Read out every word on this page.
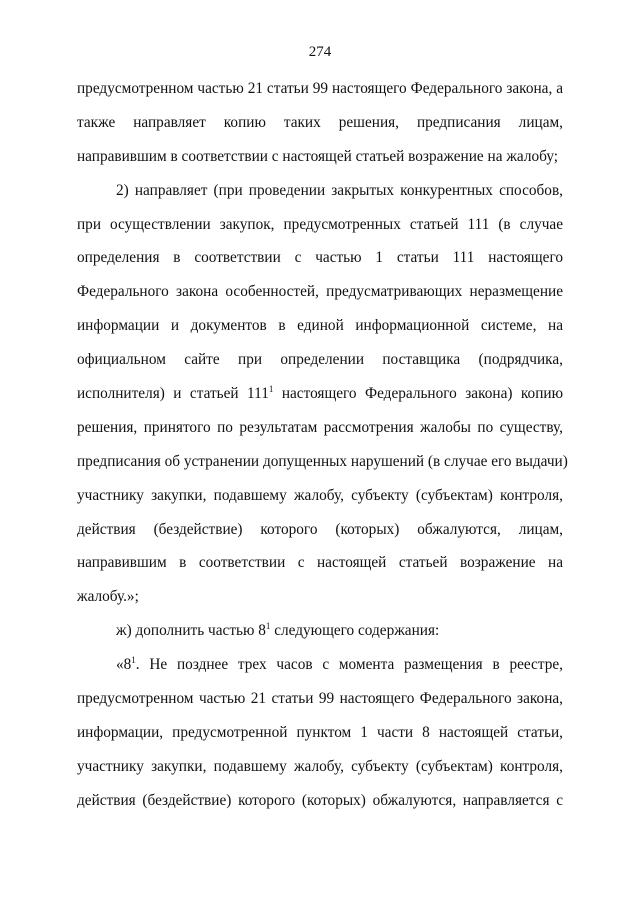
274
предусмотренном частью 21 статьи 99 настоящего Федерального закона, а
также направляет копию таких решения, предписания лицам,
направившим в соответствии с настоящей статьей возражение на жалобу;
2) направляет (при проведении закрытых конкурентных способов,
при осуществлении закупок, предусмотренных статьей 111 (в случае
определения в соответствии с частью 1 статьи 111 настоящего
Федерального закона особенностей, предусматривающих неразмещение
информации и документов в единой информационной системе, на
официальном сайте при определении поставщика (подрядчика,
исполнителя) и статьей $111^1$ настоящего Федерального закона) копию
решения, принятого по результатам рассмотрения жалобы по существу,
предписания об устранении допущенных нарушений (в случае его выдачи)
участнику закупки, подавшему жалобу, субъекту (субъектам) контроля,
действия (бездействие) которого (которых) обжалуются, лицам,
направившим в соответствии с настоящей статьей возражение на
жалобу.»;
ж) дополнить частью $8^1$ следующего содержания:
«$8^1$. Не позднее трех часов с момента размещения в реестре,
предусмотренном частью 21 статьи 99 настоящего Федерального закона,
информации, предусмотренной пунктом 1 части 8 настоящей статьи,
участнику закупки, подавшему жалобу, субъекту (субъектам) контроля,
действия (бездействие) которого (которых) обжалуются, направляется с
